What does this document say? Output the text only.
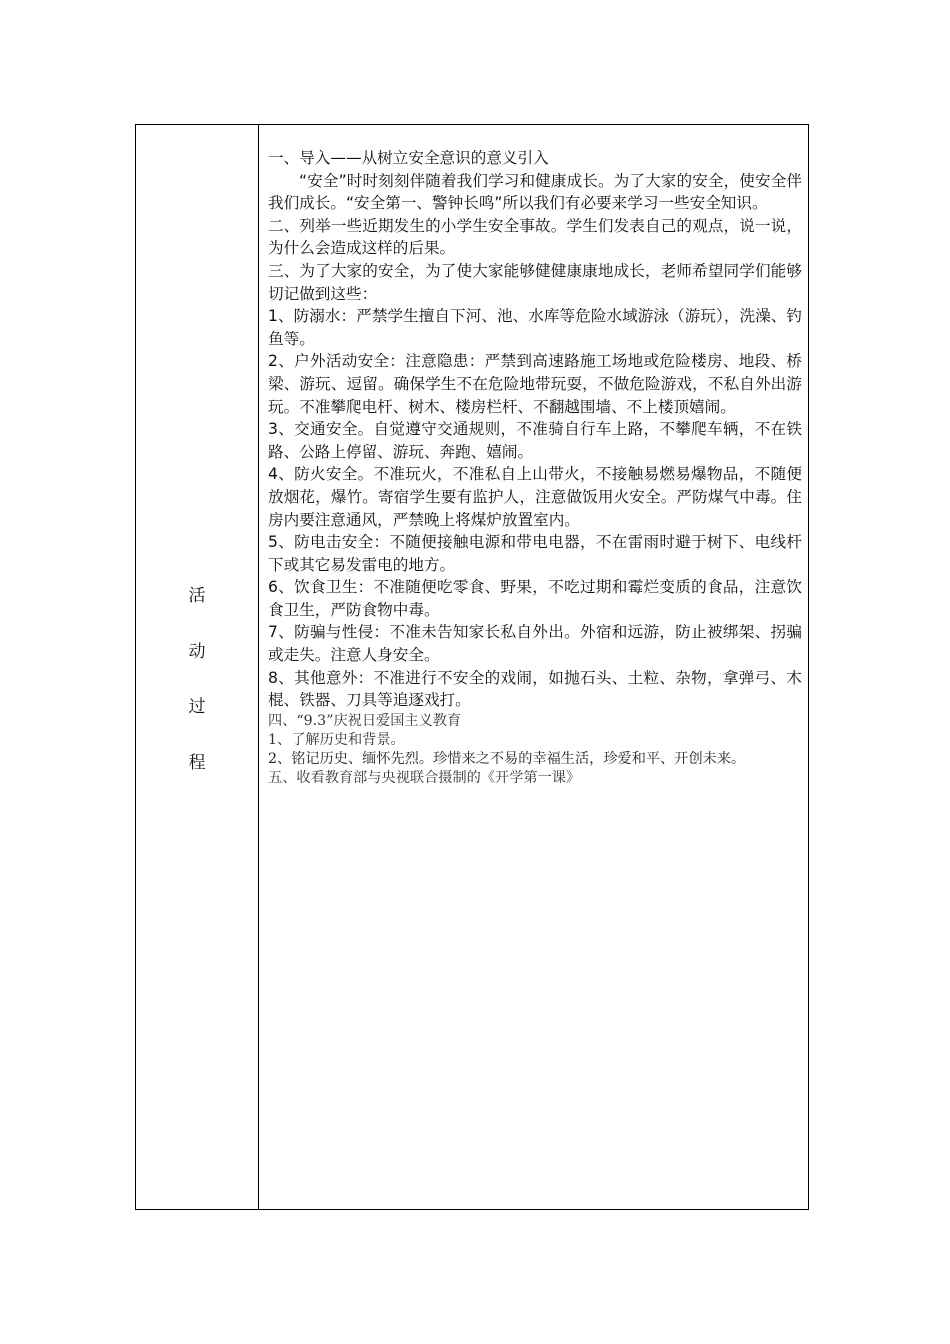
活
动
过
程

一、导入——从树立安全意识的意义引入

“安全”时时刻刻伴随着我们学习和健康成长。为了大家的安全，使安全伴我们成长。“安全第一、警钟长鸣”所以我们有必要来学习一些安全知识。

二、列举一些近期发生的小学生安全事故。学生们发表自己的观点，说一说，为什么会造成这样的后果。

三、为了大家的安全，为了使大家能够健健康康地成长，老师希望同学们能够切记做到这些：

1、防溺水：严禁学生擅自下河、池、水库等危险水域游泳（游玩），洗澡、钓鱼等。

2、户外活动安全：注意隐患：严禁到高速路施工场地或危险楼房、地段、桥梁、游玩、逗留。确保学生不在危险地带玩耍，不做危险游戏，不私自外出游玩。不准攀爬电杆、树木、楼房栏杆、不翻越围墙、不上楼顶嬉闹。

3、交通安全。自觉遵守交通规则，不准骑自行车上路，不攀爬车辆，不在铁路、公路上停留、游玩、奔跑、嬉闹。

4、防火安全。不准玩火，不准私自上山带火，不接触易燃易爆物品，不随便放烟花，爆竹。寄宿学生要有监护人，注意做饭用火安全。严防煤气中毒。住房内要注意通风，严禁晚上将煤炉放置室内。

5、防电击安全：不随便接触电源和带电电器，不在雷雨时避于树下、电线杆下或其它易发雷电的地方。

6、饮食卫生：不准随便吃零食、野果，不吃过期和霉烂变质的食品，注意饮食卫生，严防食物中毒。

7、防骗与性侵：不准未告知家长私自外出。外宿和远游，防止被绑架、拐骗或走失。注意人身安全。

8、其他意外：不准进行不安全的戏闹，如抛石头、土粒、杂物，拿弹弓、木棍、铁器、刀具等追逐戏打。

四、“9.3”庆祝日爱国主义教育

1、了解历史和背景。

2、铭记历史、缅怀先烈。珍惜来之不易的幸福生活，珍爱和平、开创未来。

五、收看教育部与央视联合摄制的《开学第一课》
